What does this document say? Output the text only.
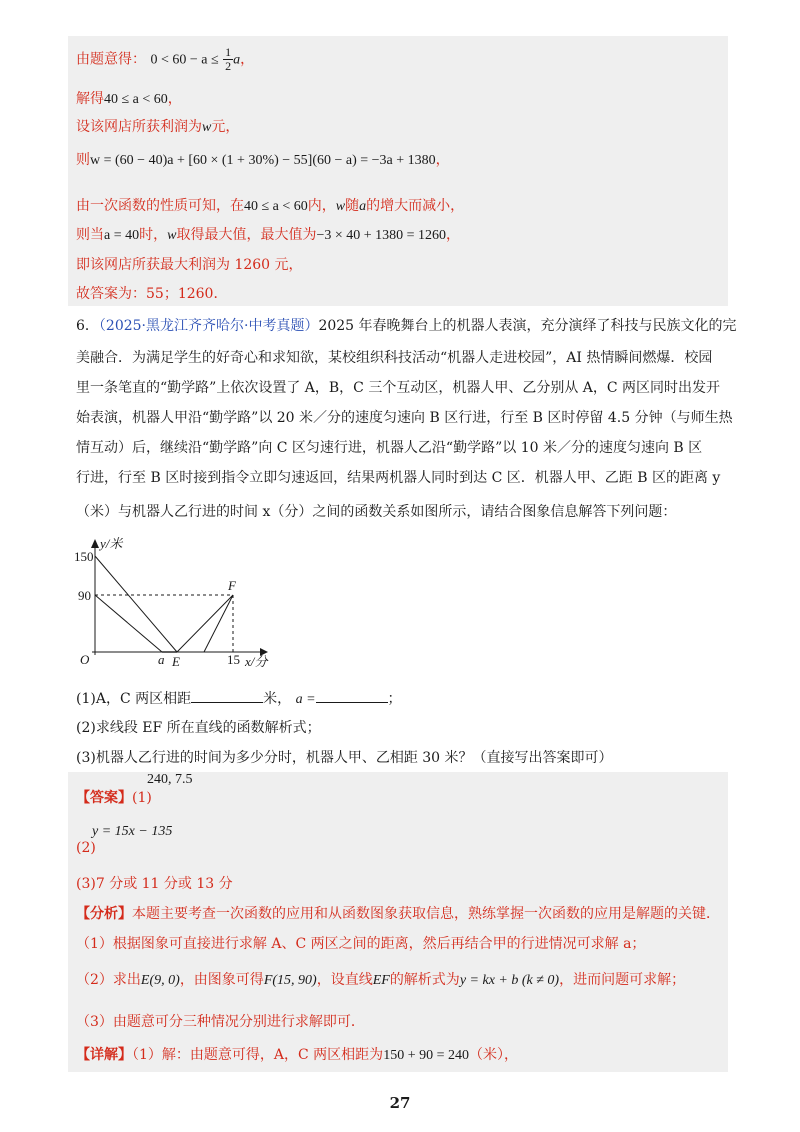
由题意得： $0 < 60 - a \le \frac{1}{2}$ a，
解得40 ≤ a < 60，
设该网店所获利润为w元，
则w = (60 − 40)a + [60 × (1 + 30%) − 55](60 − a) = −3a + 1380，
由一次函数的性质可知，在40 ≤ a < 60内，w随a的增大而减小，
则当a = 40时，w取得最大值，最大值为−3 × 40 + 1380 = 1260，
即该网店所获最大利润为 1260 元，
故答案为：55；1260．
6．（2025·黑龙江齐齐哈尔·中考真题）2025 年春晚舞台上的机器人表演，充分演绎了科技与民族文化的完
美融合．为满足学生的好奇心和求知欲，某校组织科技活动“机器人走进校园”，AI 热情瞬间燃爆．校园
里一条笔直的“勤学路”上依次设置了 A，B，C 三个互动区，机器人甲、乙分别从 A，C 两区同时出发开
始表演，机器人甲沿“勤学路”以 20 米／分的速度匀速向 B 区行进，行至 B 区时停留 4.5 分钟（与师生热
情互动）后，继续沿“勤学路”向 C 区匀速行进，机器人乙沿“勤学路”以 10 米／分的速度匀速向 B 区
行进，行至 B 区时接到指令立即匀速返回，结果两机器人同时到达 C 区．机器人甲、乙距 B 区的距离 y
（米）与机器人乙行进的时间 x（分）之间的函数关系如图所示，请结合图象信息解答下列问题：
y/米
150
90
O	a E	15 x/分
F
(1)A，C 两区相距	米， a =	；
(2)求线段 EF 所在直线的函数解析式；
(3)机器人乙行进的时间为多少分时，机器人甲、乙相距 30 米？（直接写出答案即可）
【答案】(1)
240, 7.5
(2)
y = 15x − 135
(3)7 分或 11 分或 13 分
【分析】本题主要考查一次函数的应用和从函数图象获取信息，熟练掌握一次函数的应用是解题的关键．
（1）根据图象可直接进行求解 A、C 两区之间的距离，然后再结合甲的行进情况可求解 a；
（2）求出E(9, 0)，由图象可得F(15, 90)，设直线EF的解析式为y = kx + b (k ≠ 0)，进而问题可求解；
（3）由题意可分三种情况分别进行求解即可．
【详解】（1）解：由题意可得，A，C 两区相距为150 + 90 = 240（米），
27
